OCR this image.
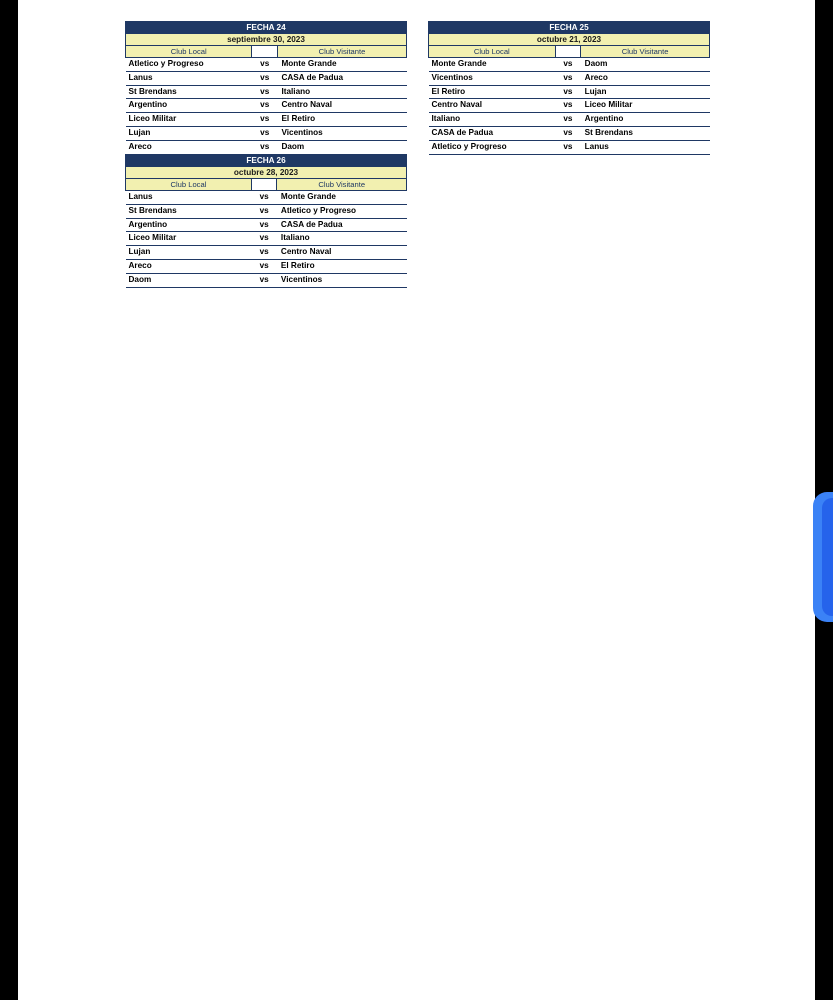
FECHA 24		
septiembre 30, 2023		
Club Local		Club Visitante
Atletico y Progreso	vs	Monte Grande
Lanus	vs	CASA de Padua
St Brendans	vs	Italiano
Argentino	vs	Centro Naval
Liceo Militar	vs	El Retiro
Lujan	vs	Vicentinos
Areco	vs	Daom
FECHA 25		
octubre 21, 2023		
Club Local		Club Visitante
Monte Grande	vs	Daom
Vicentinos	vs	Areco
El Retiro	vs	Lujan
Centro Naval	vs	Liceo Militar
Italiano	vs	Argentino
CASA de Padua	vs	St Brendans
Atletico y Progreso	vs	Lanus
FECHA 26		
octubre 28, 2023		
Club Local		Club Visitante
Lanus	vs	Monte Grande
St Brendans	vs	Atletico y Progreso
Argentino	vs	CASA de Padua
Liceo Militar	vs	Italiano
Lujan	vs	Centro Naval
Areco	vs	El Retiro
Daom	vs	Vicentinos
